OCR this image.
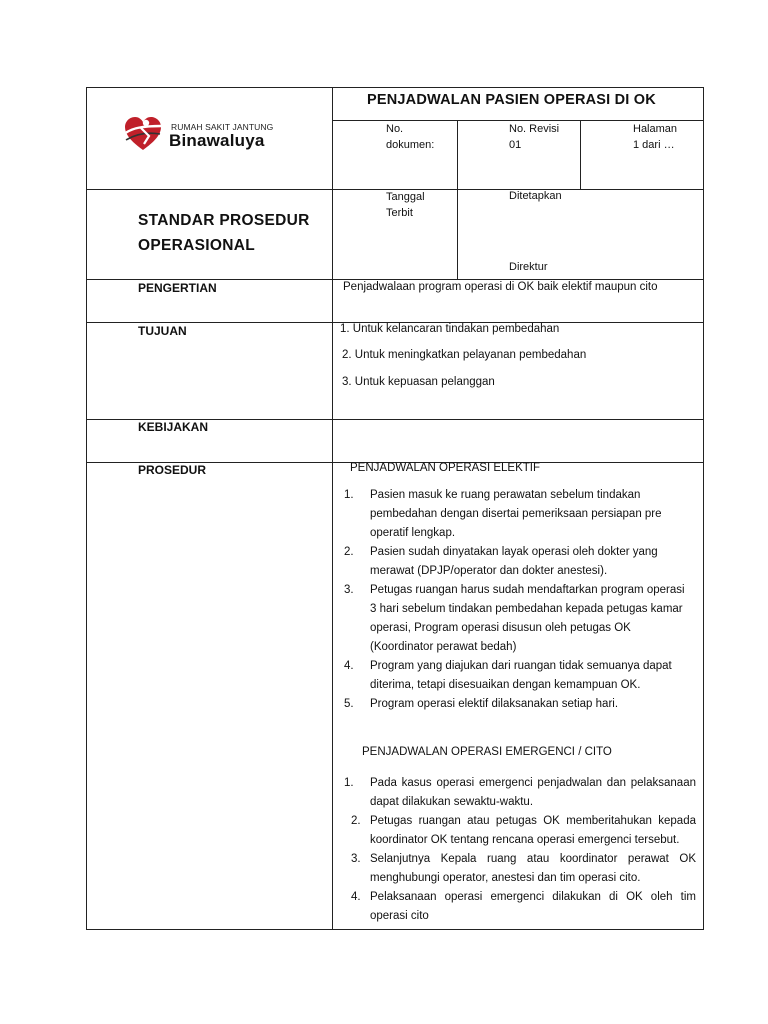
RUMAH SAKIT JANTUNG
Binawaluya
PENJADWALAN PASIEN OPERASI DI OK
No.
dokumen:
No. Revisi
01
Halaman
1 dari …
STANDAR PROSEDUR
OPERASIONAL
Tanggal
Terbit
Ditetapkan
Direktur
PENGERTIAN	Penjadwalaan program operasi di OK baik elektif maupun cito
TUJUAN	1. Untuk kelancaran tindakan pembedahan
2. Untuk meningkatkan pelayanan pembedahan
3. Untuk kepuasan pelanggan
KEBIJAKAN
PROSEDUR	PENJADWALAN OPERASI ELEKTIF
1. Pasien masuk ke ruang perawatan sebelum tindakan pembedahan dengan disertai pemeriksaan persiapan pre operatif lengkap.
2. Pasien sudah dinyatakan layak operasi oleh dokter yang merawat (DPJP/operator dan dokter anestesi).
3. Petugas ruangan harus sudah mendaftarkan program operasi 3 hari sebelum tindakan pembedahan kepada petugas kamar operasi, Program operasi disusun oleh petugas OK (Koordinator perawat bedah)
4. Program yang diajukan dari ruangan tidak semuanya dapat diterima, tetapi disesuaikan dengan kemampuan OK.
5. Program operasi elektif dilaksanakan setiap hari.
PENJADWALAN OPERASI EMERGENCI / CITO
1. Pada kasus operasi emergenci penjadwalan dan pelaksanaan dapat dilakukan sewaktu-waktu.
2. Petugas ruangan atau petugas OK memberitahukan kepada koordinator OK tentang rencana operasi emergenci tersebut.
3. Selanjutnya Kepala ruang atau koordinator perawat OK menghubungi operator, anestesi dan tim operasi cito.
4. Pelaksanaan operasi emergenci dilakukan di OK oleh tim operasi cito
